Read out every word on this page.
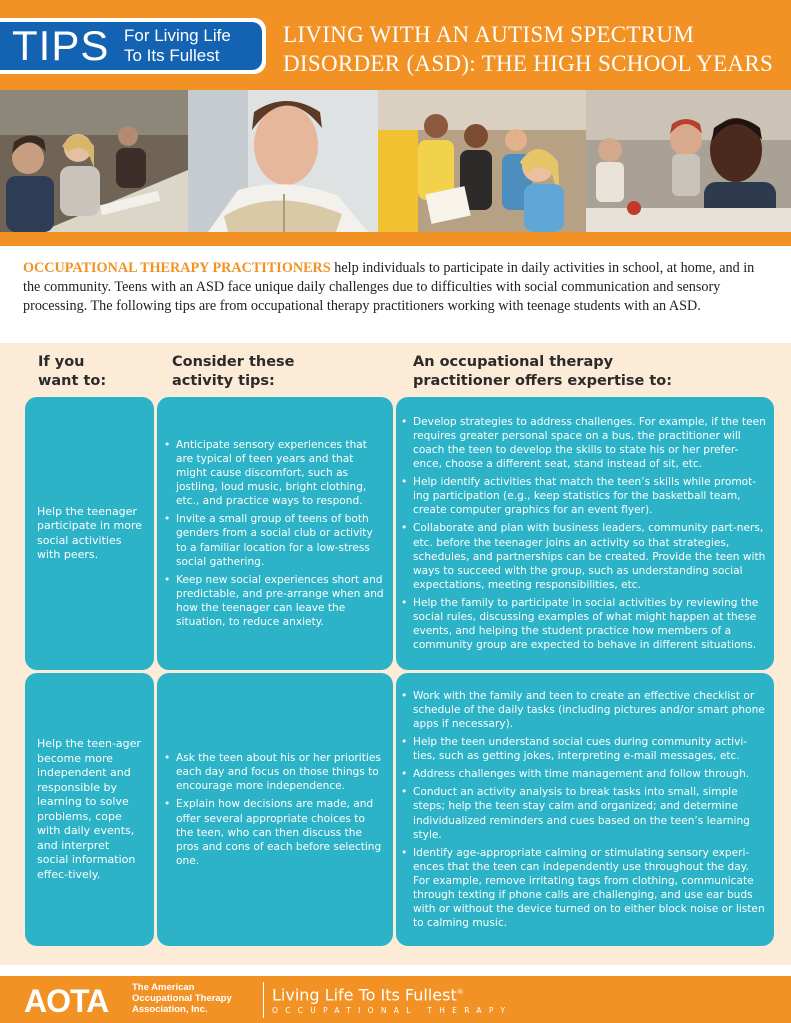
TIPS For Living Life
To Its Fullest
LIVING WITH AN AUTISM SPECTRUM
DISORDER (ASD): THE HIGH SCHOOL YEARS
OCCUPATIONAL THERAPY PRACTITIONERS help individuals to participate in daily activities in school, at home, and in the community. Teens with an ASD face unique daily challenges due to difficulties with social communication and sensory processing. The following tips are from occupational therapy practitioners working with teenage students with an ASD.
If you
want to:
Consider these
activity tips:
An occupational therapy
practitioner offers expertise to:
Help the teenager participate in more social activities with peers.
• Anticipate sensory experiences that are typical of teen years and that might cause discomfort, such as jostling, loud music, bright clothing, etc., and practice ways to respond.
• Invite a small group of teens of both genders from a social club or activity to a familiar location for a low-stress social gathering.
• Keep new social experiences short and predictable, and pre-arrange when and how the teenager can leave the situation, to reduce anxiety.
• Develop strategies to address challenges. For example, if the teen requires greater personal space on a bus, the practitioner will coach the teen to develop the skills to state his or her prefer-ence, choose a different seat, stand instead of sit, etc.
• Help identify activities that match the teen’s skills while promot-ing participation (e.g., keep statistics for the basketball team, create computer graphics for an event flyer).
• Collaborate and plan with business leaders, community part-ners, etc. before the teenager joins an activity so that strategies, schedules, and partnerships can be created. Provide the teen with ways to succeed with the group, such as understanding social expectations, meeting responsibilities, etc.
• Help the family to participate in social activities by reviewing the social rules, discussing examples of what might happen at these events, and helping the student practice how members of a community group are expected to behave in different situations.
Help the teen-ager become more independent and responsible by learning to solve problems, cope with daily events, and interpret social information effec-tively.
• Ask the teen about his or her priorities each day and focus on those things to encourage more independence.
• Explain how decisions are made, and offer several appropriate choices to the teen, who can then discuss the pros and cons of each before selecting one.
• Work with the family and teen to create an effective checklist or schedule of the daily tasks (including pictures and/or smart phone apps if necessary).
• Help the teen understand social cues during community activi-ties, such as getting jokes, interpreting e-mail messages, etc.
• Address challenges with time management and follow through.
• Conduct an activity analysis to break tasks into small, simple steps; help the teen stay calm and organized; and determine individualized reminders and cues based on the teen’s learning style.
• Identify age-appropriate calming or stimulating sensory experi-ences that the teen can independently use throughout the day. For example, remove irritating tags from clothing, communicate through texting if phone calls are challenging, and use ear buds with or without the device turned on to either block noise or listen to calming music.
AOTA The American
Occupational Therapy
Association, Inc.
Living Life To Its Fullest®
OCCUPATIONAL THERAPY
